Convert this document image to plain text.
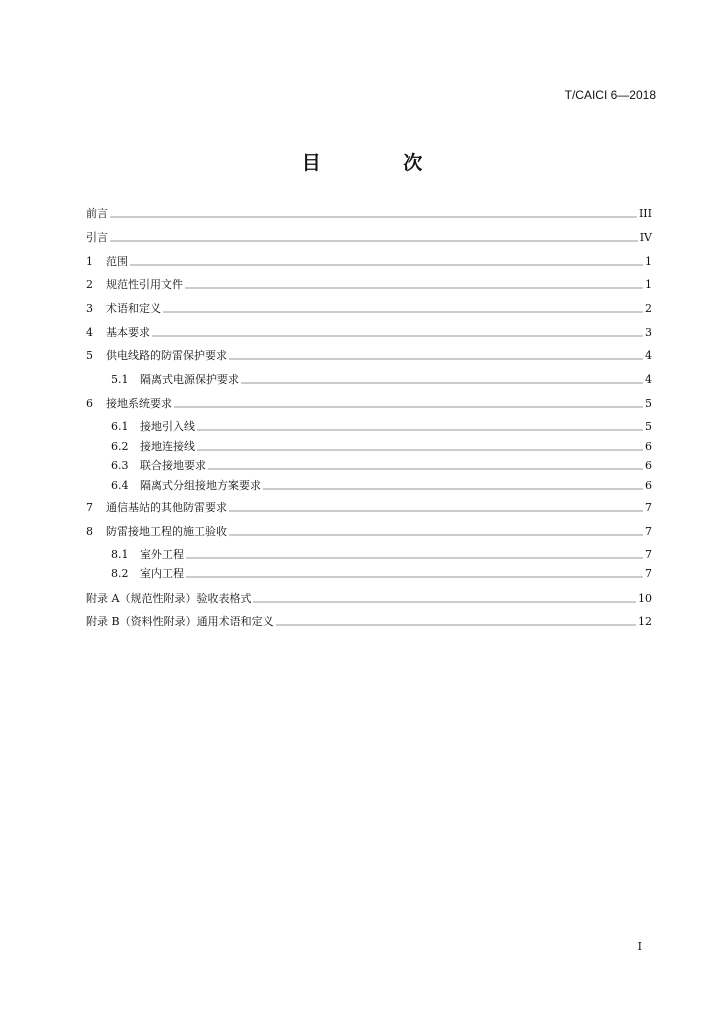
T/CAICI 6—2018
目 次
前言	III
引言	IV
1	范围	1
2	规范性引用文件	1
3	术语和定义	2
4	基本要求	3
5	供电线路的防雷保护要求	4
5.1	隔离式电源保护要求	4
6	接地系统要求	5
6.1	接地引入线	5
6.2	接地连接线	6
6.3	联合接地要求	6
6.4	隔离式分组接地方案要求	6
7	通信基站的其他防雷要求	7
8	防雷接地工程的施工验收	7
8.1	室外工程	7
8.2	室内工程	7
附录 A（规范性附录）验收表格式	10
附录 B（资料性附录）通用术语和定义	12
I
